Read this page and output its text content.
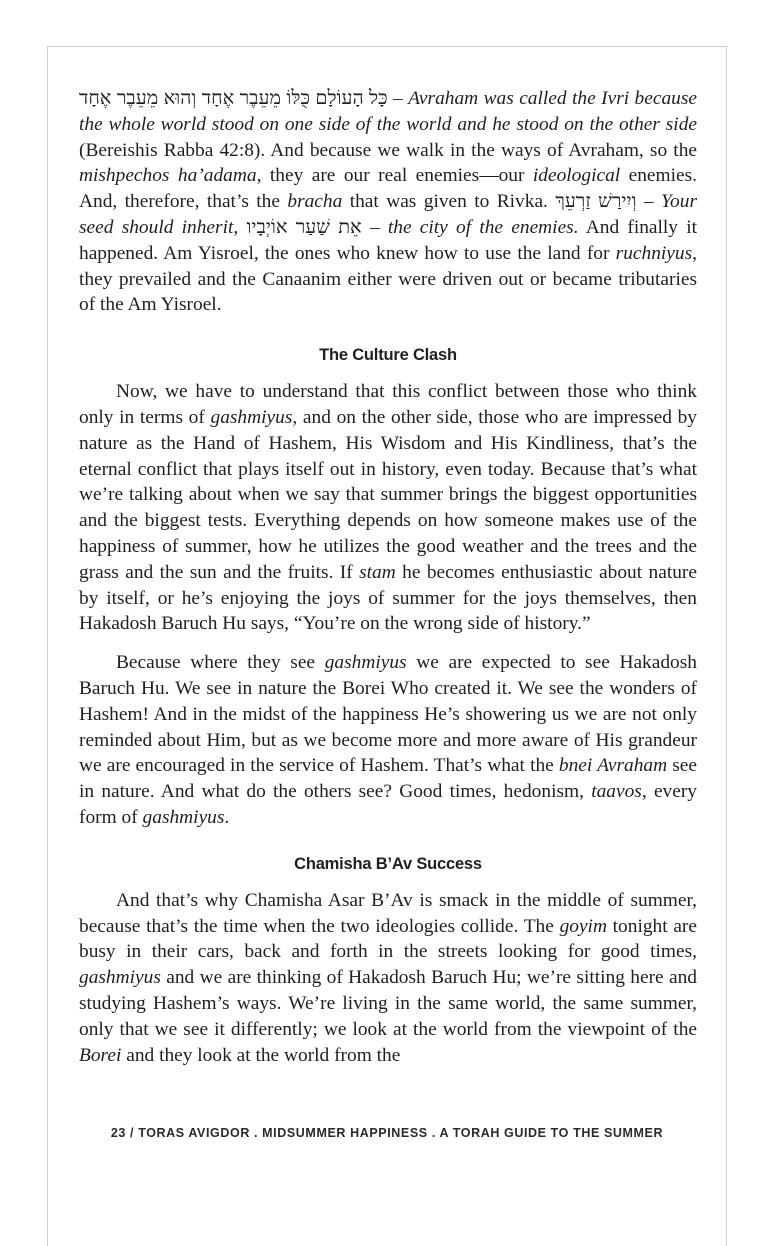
כָּל הָעוֹלָם כֻּלּוֹ מֵעֵבֶר אֶחָד וְהוּא מֵעֵבֶר אֶחָד – Avraham was called the Ivri because the whole world stood on one side of the world and he stood on the other side (Bereishis Rabba 42:8). And because we walk in the ways of Avraham, so the mishpechos ha’adama, they are our real enemies—our ideological enemies. And, therefore, that’s the bracha that was given to Rivka. וְיִירַשׁ זַרְעֵךְ – Your seed should inherit, אֵת שַׁעַר אוֹיְבָיו – the city of the enemies. And finally it happened. Am Yisroel, the ones who knew how to use the land for ruchniyus, they prevailed and the Canaanim either were driven out or became tributaries of the Am Yisroel.

The Culture Clash

Now, we have to understand that this conflict between those who think only in terms of gashmiyus, and on the other side, those who are impressed by nature as the Hand of Hashem, His Wisdom and His Kindliness, that’s the eternal conflict that plays itself out in history, even today. Because that’s what we’re talking about when we say that summer brings the biggest opportunities and the biggest tests. Everything depends on how someone makes use of the happiness of summer, how he utilizes the good weather and the trees and the grass and the sun and the fruits. If stam he becomes enthusiastic about nature by itself, or he’s enjoying the joys of summer for the joys themselves, then Hakadosh Baruch Hu says, “You’re on the wrong side of history.”

Because where they see gashmiyus we are expected to see Hakadosh Baruch Hu. We see in nature the Borei Who created it. We see the wonders of Hashem! And in the midst of the happiness He’s showering us we are not only reminded about Him, but as we become more and more aware of His grandeur we are encouraged in the service of Hashem. That’s what the bnei Avraham see in nature. And what do the others see? Good times, hedonism, taavos, every form of gashmiyus.

Chamisha B’Av Success

And that’s why Chamisha Asar B’Av is smack in the middle of summer, because that’s the time when the two ideologies collide. The goyim tonight are busy in their cars, back and forth in the streets looking for good times, gashmiyus and we are thinking of Hakadosh Baruch Hu; we’re sitting here and studying Hashem’s ways. We’re living in the same world, the same summer, only that we see it differently; we look at the world from the viewpoint of the Borei and they look at the world from the

23 / TORAS AVIGDOR . MIDSUMMER HAPPINESS . A TORAH GUIDE TO THE SUMMER
